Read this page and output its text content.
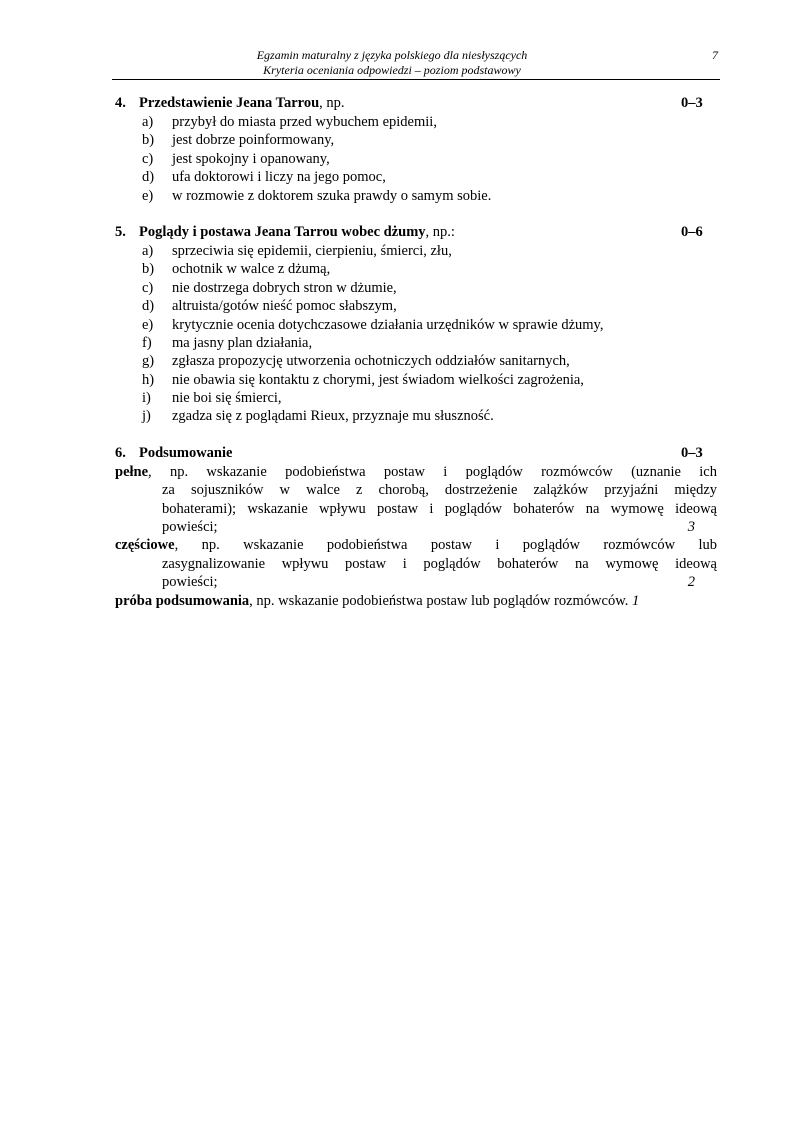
Egzamin maturalny z języka polskiego dla niesłyszących
Kryteria oceniania odpowiedzi – poziom podstawowy
7
4. Przedstawienie Jeana Tarrou, np.	0–3
a) przybył do miasta przed wybuchem epidemii,
b) jest dobrze poinformowany,
c) jest spokojny i opanowany,
d) ufa doktorowi i liczy na jego pomoc,
e) w rozmowie z doktorem szuka prawdy o samym sobie.
5. Poglądy i postawa Jeana Tarrou wobec dżumy, np.:	0–6
a) sprzeciwia się epidemii, cierpieniu, śmierci, złu,
b) ochotnik w walce z dżumą,
c) nie dostrzega dobrych stron w dżumie,
d) altruista/gotów nieść pomoc słabszym,
e) krytycznie ocenia dotychczasowe działania urzędników w sprawie dżumy,
f) ma jasny plan działania,
g) zgłasza propozycję utworzenia ochotniczych oddziałów sanitarnych,
h) nie obawia się kontaktu z chorymi, jest świadom wielkości zagrożenia,
i) nie boi się śmierci,
j) zgadza się z poglądami Rieux, przyznaje mu słuszność.
6. Podsumowanie	0–3
pełne , np. wskazanie podobieństwa postaw i poglądów rozmówców (uznanie ich
za sojuszników w walce z chorobą, dostrzeżenie zalążków przyjaźni między
bohaterami); wskazanie wpływu postaw i poglądów bohaterów na wymowę ideową
powieści;	3
częściowe , np. wskazanie podobieństwa postaw i poglądów rozmówców lub
zasygnalizowanie wpływu postaw i poglądów bohaterów na wymowę ideową
powieści;	2
próba podsumowania, np. wskazanie podobieństwa postaw lub poglądów rozmówców. 1
